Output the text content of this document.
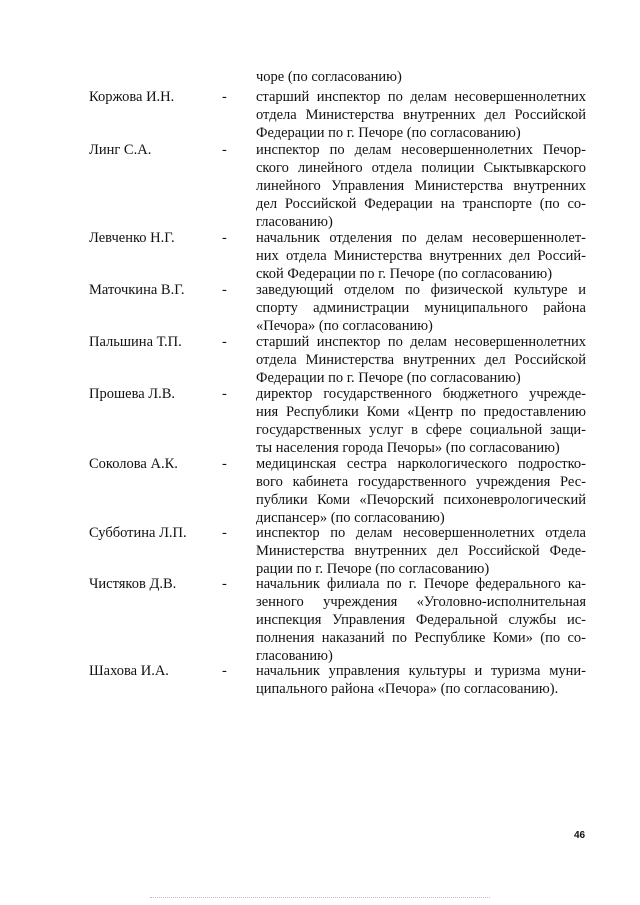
чоре (по согласованию)
Коржова И.Н.	- старший инспектор по делам несовершеннолетних
отдела Министерства внутренних дел Российской
Федерации по г. Печоре (по согласованию)
Линг С.А.	- инспектор по делам несовершеннолетних Печор-
ского линейного отдела полиции Сыктывкарского
линейного Управления Министерства внутренних
дел Российской Федерации на транспорте (по со-
гласованию)
Левченко Н.Г.	- начальник отделения по делам несовершеннолет-
них отдела Министерства внутренних дел Россий-
ской Федерации по г. Печоре (по согласованию)
Маточкина В.Г.	- заведующий отделом по физической культуре и
спорту администрации муниципального района
«Печора» (по согласованию)
Пальшина Т.П.	- старший инспектор по делам несовершеннолетних
отдела Министерства внутренних дел Российской
Федерации по г. Печоре (по согласованию)
Прошева Л.В.	- директор государственного бюджетного учрежде-
ния Республики Коми «Центр по предоставлению
государственных услуг в сфере социальной защи-
ты населения города Печоры» (по согласованию)
Соколова А.К.	- медицинская сестра наркологического подростко-
вого кабинета государственного учреждения Рес-
публики Коми «Печорский психоневрологический
диспансер» (по согласованию)
Субботина Л.П. - инспектор по делам несовершеннолетних отдела
Министерства внутренних дел Российской Феде-
рации по г. Печоре (по согласованию)
Чистяков Д.В.	- начальник филиала по г. Печоре федерального ка-
зенного учреждения «Уголовно-исполнительная
инспекция Управления Федеральной службы ис-
полнения наказаний по Республике Коми» (по со-
гласованию)
Шахова И.А.	- начальник управления культуры и туризма муни-
ципального района «Печора» (по согласованию).
46
